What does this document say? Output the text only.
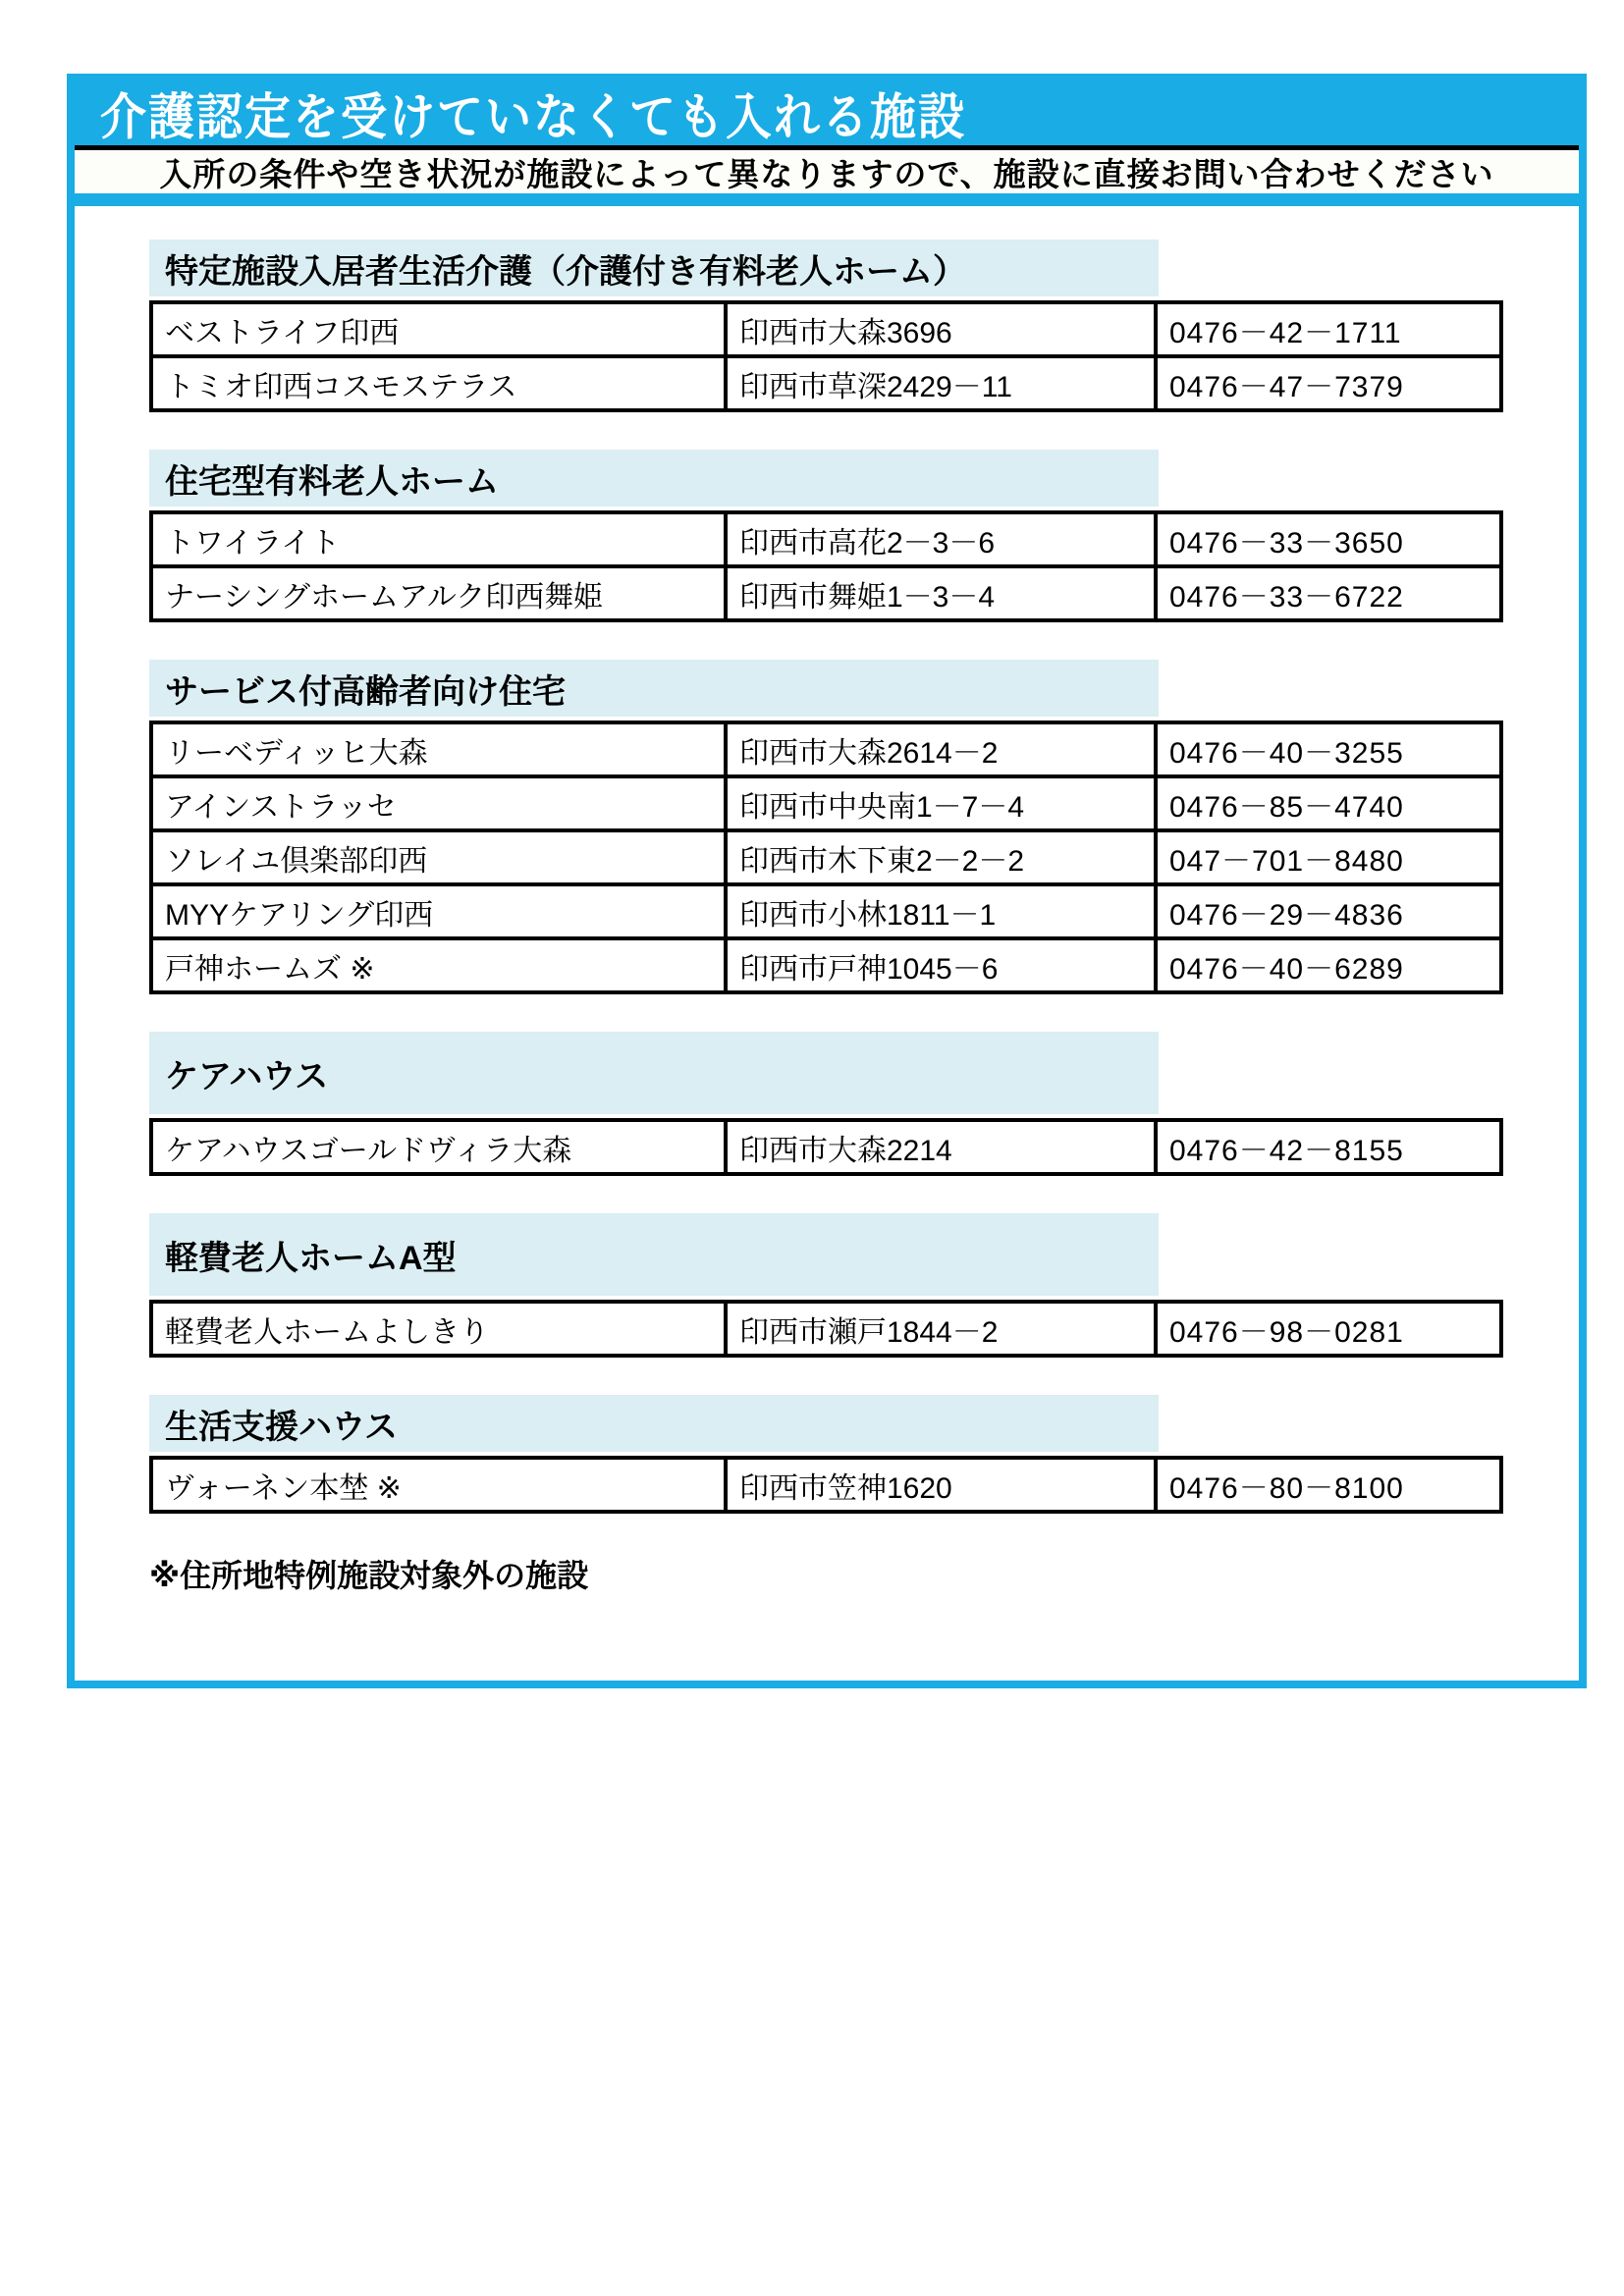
介護認定を受けていなくても入れる施設
入所の条件や空き状況が施設によって異なりますので、施設に直接お問い合わせください
特定施設入居者生活介護（介護付き有料老人ホーム）
ベストライフ印西	印西市大森3696	0476－42－1711
トミオ印西コスモステラス	印西市草深2429－11	0476－47－7379
住宅型有料老人ホーム
トワイライト	印西市高花2－3－6	0476－33－3650
ナーシングホームアルク印西舞姫	印西市舞姫1－3－4	0476－33－6722
サービス付高齢者向け住宅
リーベディッヒ大森	印西市大森2614－2	0476－40－3255
アインストラッセ	印西市中央南1－7－4	0476－85－4740
ソレイユ倶楽部印西	印西市木下東2－2－2	047－701－8480
MYYケアリング印西	印西市小林1811－1	0476－29－4836
戸神ホームズ ※	印西市戸神1045－6	0476－40－6289
ケアハウス
ケアハウスゴールドヴィラ大森	印西市大森2214	0476－42－8155
軽費老人ホームA型
軽費老人ホームよしきり	印西市瀬戸1844－2	0476－98－0281
生活支援ハウス
ヴォーネン本埜 ※	印西市笠神1620	0476－80－8100
※住所地特例施設対象外の施設
